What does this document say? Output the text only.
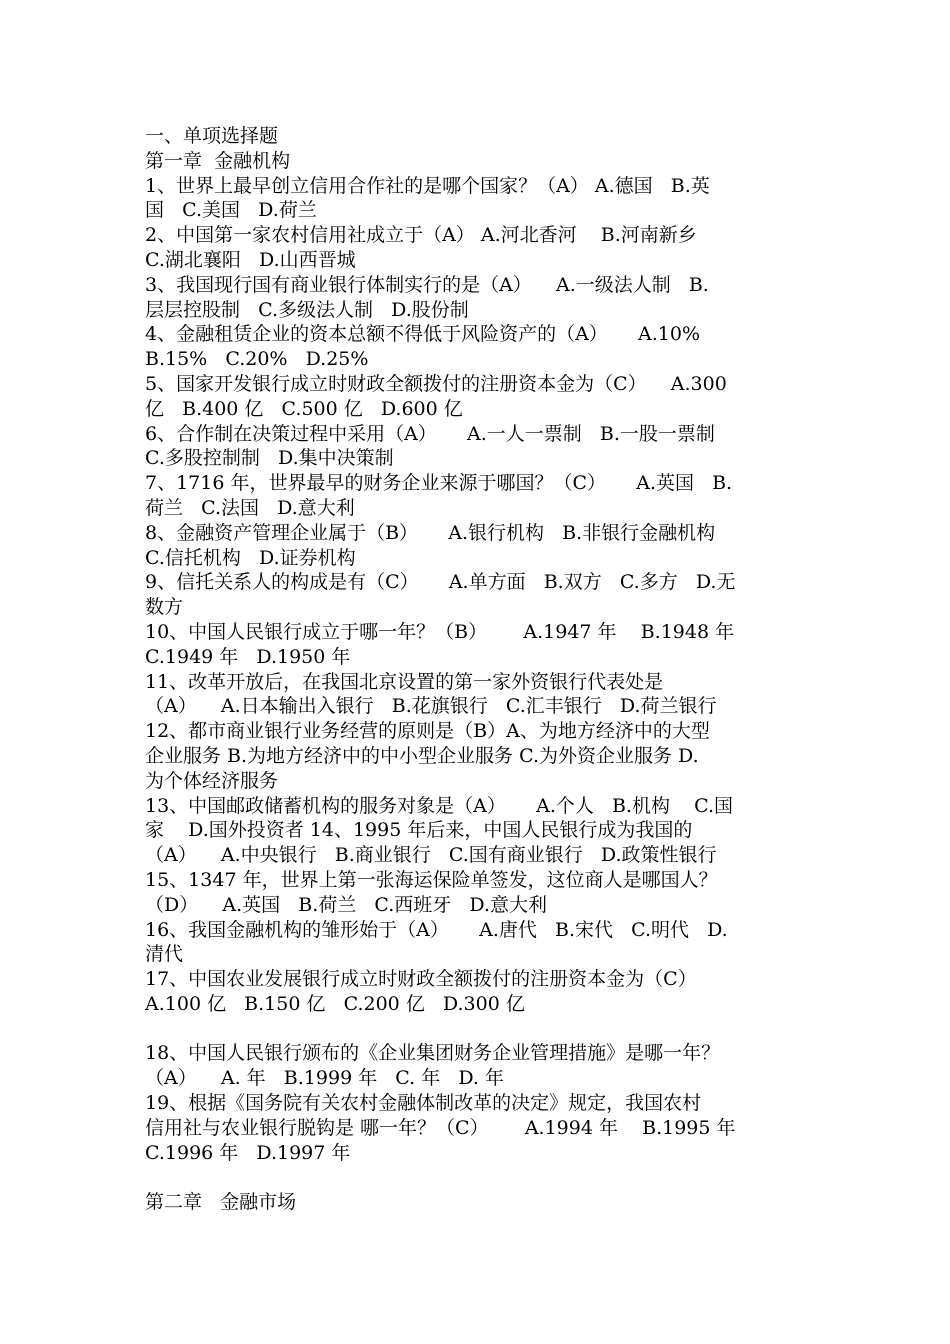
一、单项选择题
第一章  金融机构
1、世界上最早创立信用合作社的是哪个国家？（A） A.德国   B.英
国   C.美国   D.荷兰
2、中国第一家农村信用社成立于（A） A.河北香河    B.河南新乡
C.湖北襄阳   D.山西晋城
3、我国现行国有商业银行体制实行的是（A）    A.一级法人制   B.
层层控股制   C.多级法人制   D.股份制
4、金融租赁企业的资本总额不得低于风险资产的（A）     A.10%
B.15%   C.20%   D.25%
5、国家开发银行成立时财政全额拨付的注册资本金为（C）    A.300
亿   B.400 亿   C.500 亿   D.600 亿
6、合作制在决策过程中采用（A）     A.一人一票制   B.一股一票制
C.多股控制制   D.集中决策制
7、1716 年，世界最早的财务企业来源于哪国？（C）     A.英国   B.
荷兰   C.法国   D.意大利
8、金融资产管理企业属于（B）     A.银行机构   B.非银行金融机构
C.信托机构   D.证券机构
9、信托关系人的构成是有（C）     A.单方面   B.双方   C.多方   D.无
数方
10、中国人民银行成立于哪一年？（B）      A.1947 年    B.1948 年
C.1949 年   D.1950 年
11、改革开放后，在我国北京设置的第一家外资银行代表处是
（A）    A.日本输出入银行   B.花旗银行   C.汇丰银行   D.荷兰银行
12、都市商业银行业务经营的原则是（B）A、为地方经济中的大型
企业服务 B.为地方经济中的中小型企业服务 C.为外资企业服务 D.
为个体经济服务
13、中国邮政储蓄机构的服务对象是（A）     A.个人   B.机构    C.国
家    D.国外投资者 14、1995 年后来，中国人民银行成为我国的
（A）    A.中央银行   B.商业银行   C.国有商业银行   D.政策性银行
15、1347 年，世界上第一张海运保险单签发，这位商人是哪国人？
（D）    A.英国   B.荷兰   C.西班牙   D.意大利
16、我国金融机构的雏形始于（A）     A.唐代   B.宋代   C.明代   D.
清代
17、中国农业发展银行成立时财政全额拨付的注册资本金为（C）
A.100 亿   B.150 亿   C.200 亿   D.300 亿
18、中国人民银行颁布的《企业集团财务企业管理措施》是哪一年？
（A）    A. 年   B.1999 年   C. 年   D. 年
19、根据《国务院有关农村金融体制改革的决定》规定，我国农村
信用社与农业银行脱钩是 哪一年？（C）      A.1994 年    B.1995 年
C.1996 年   D.1997 年
第二章   金融市场
